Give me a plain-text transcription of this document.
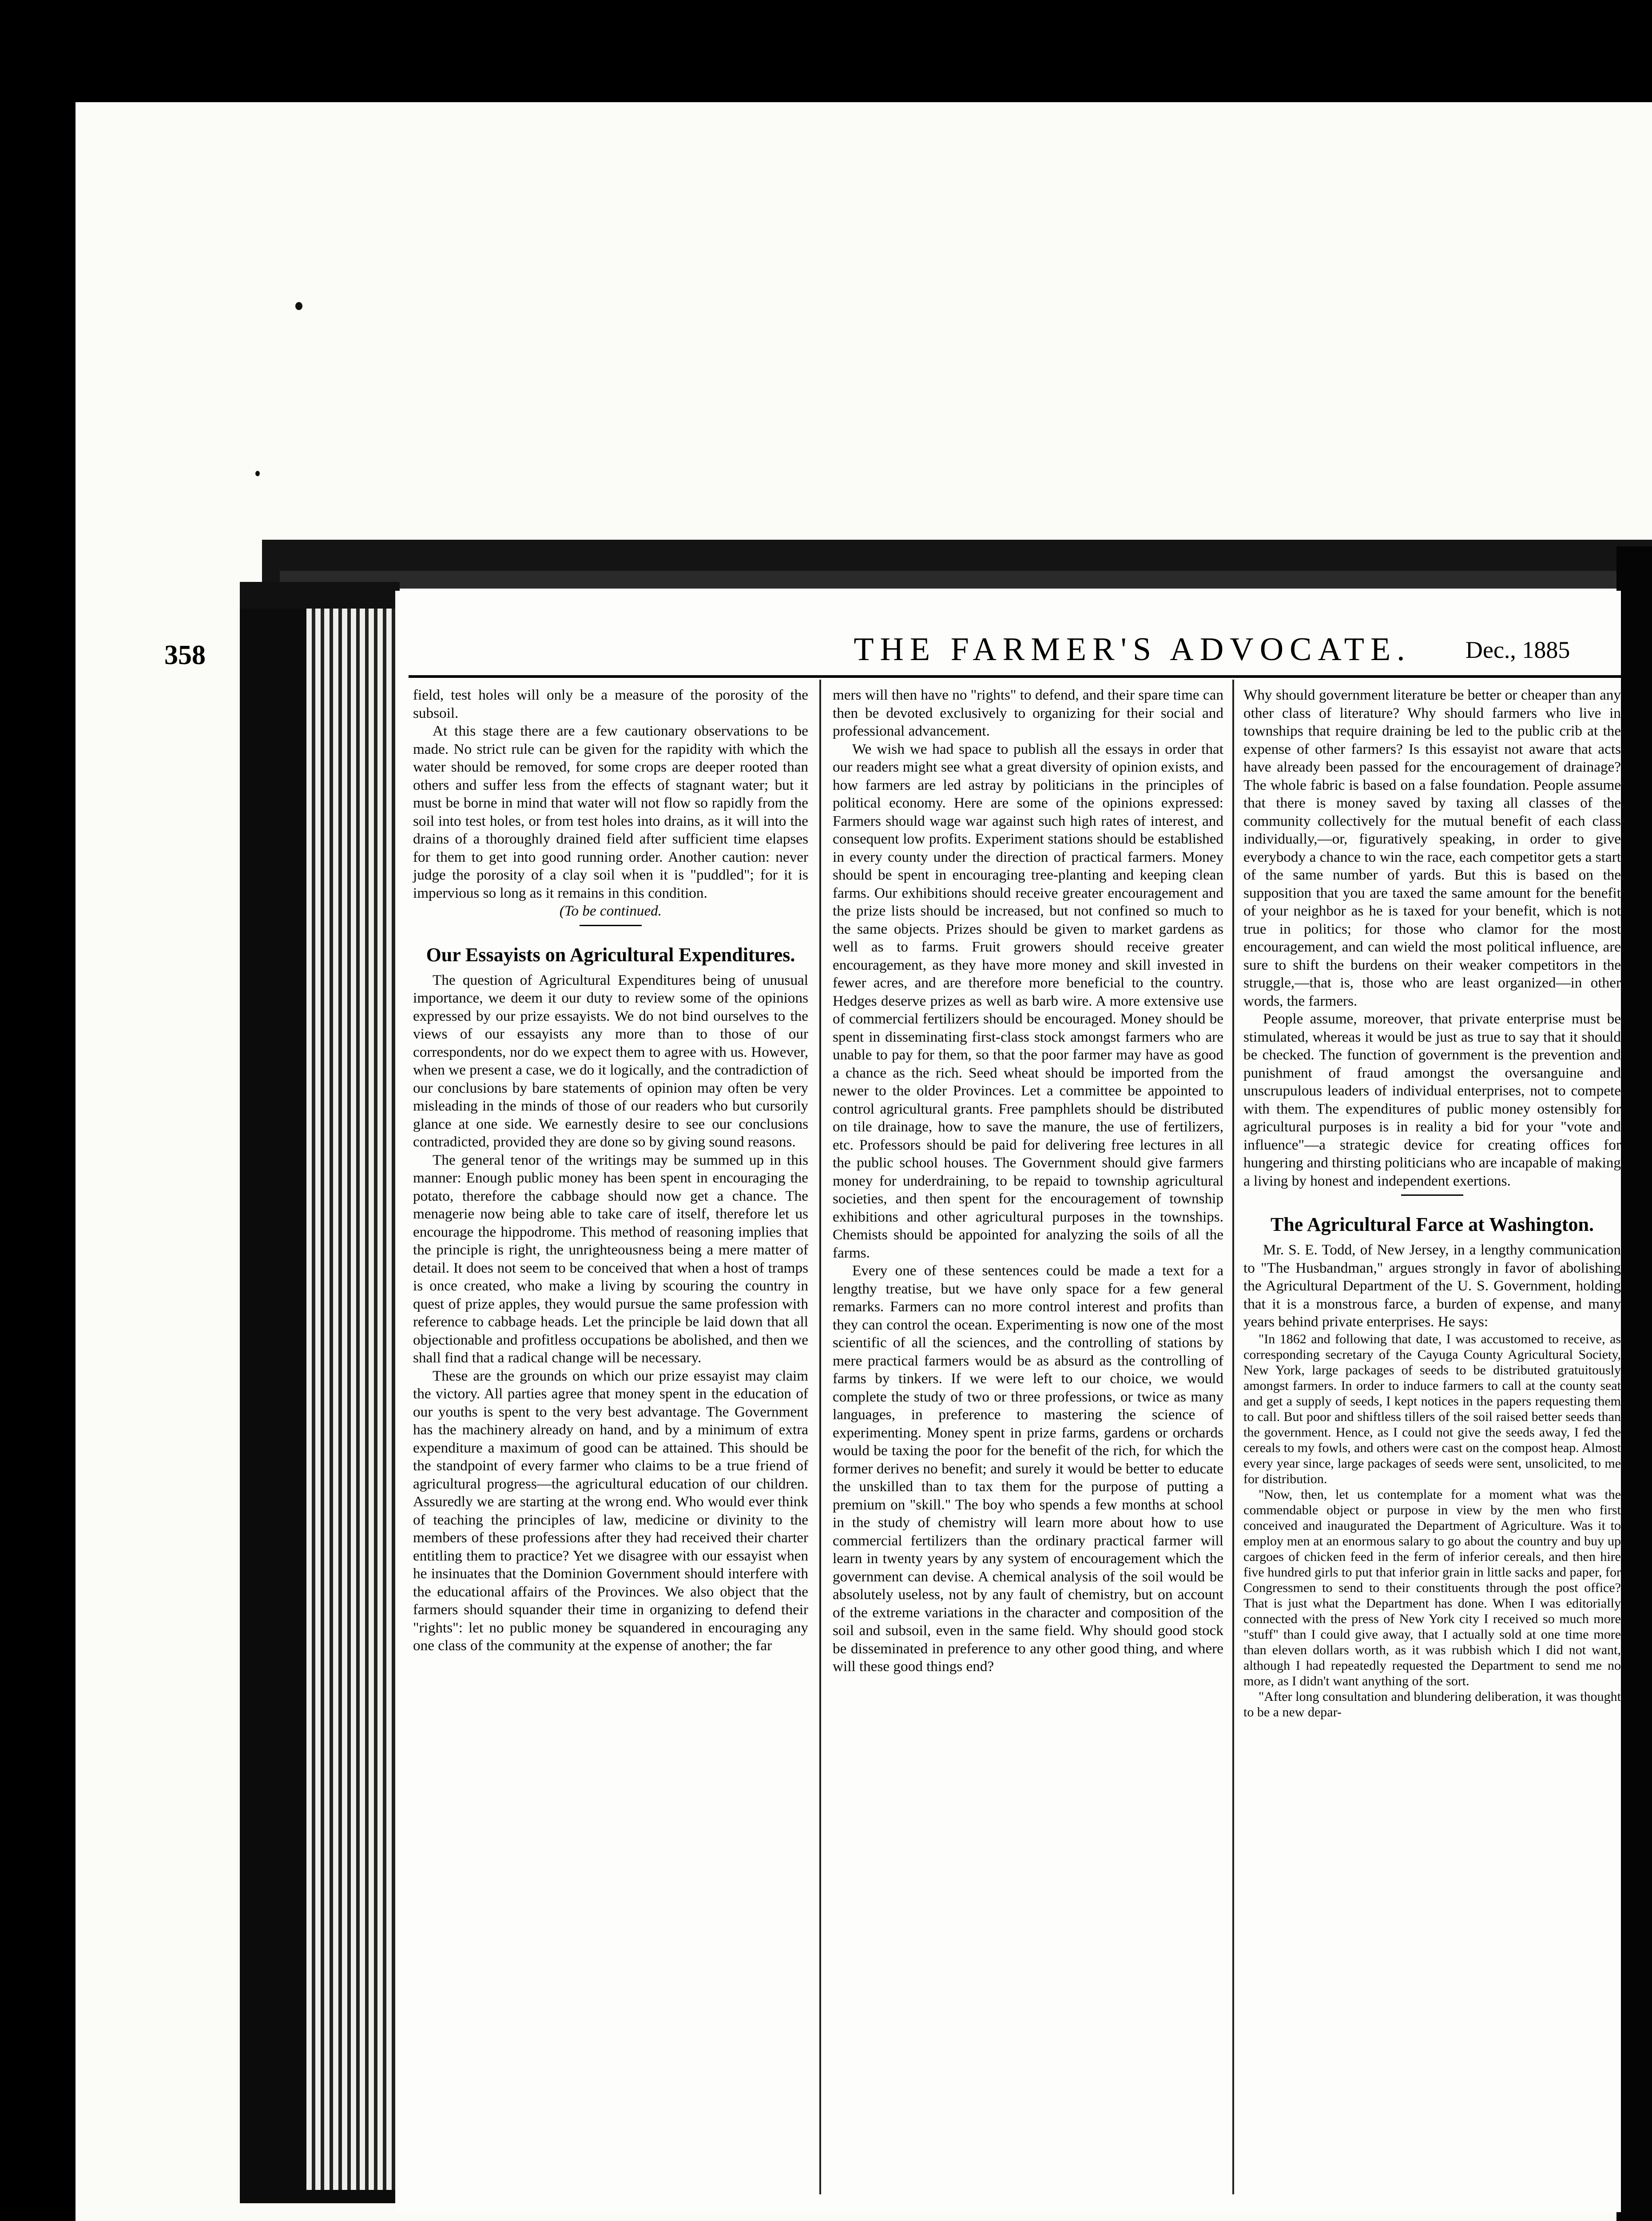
358	THE FARMER'S ADVOCATE.	Dec., 1885

field, test holes will only be a measure of the porosity of the subsoil.

At this stage there are a few cautionary observations to be made. No strict rule can be given for the rapidity with which the water should be removed, for some crops are deeper rooted than others and suffer less from the effects of stagnant water; but it must be borne in mind that water will not flow so rapidly from the soil into test holes, or from test holes into drains, as it will into the drains of a thoroughly drained field after sufficient time elapses for them to get into good running order. Another caution: never judge the porosity of a clay soil when it is "puddled"; for it is impervious so long as it remains in this condition.

(To be continued.

Our Essayists on Agricultural Expenditures.

The question of Agricultural Expenditures being of unusual importance, we deem it our duty to review some of the opinions expressed by our prize essayists. We do not bind ourselves to the views of our essayists any more than to those of our correspondents, nor do we expect them to agree with us. However, when we present a case, we do it logically, and the contradiction of our conclusions by bare statements of opinion may often be very misleading in the minds of those of our readers who but cursorily glance at one side. We earnestly desire to see our conclusions contradicted, provided they are done so by giving sound reasons.

The general tenor of the writings may be summed up in this manner: Enough public money has been spent in encouraging the potato, therefore the cabbage should now get a chance. The menagerie now being able to take care of itself, therefore let us encourage the hippodrome. This method of reasoning implies that the principle is right, the unrighteousness being a mere matter of detail. It does not seem to be conceived that when a host of tramps is once created, who make a living by scouring the country in quest of prize apples, they would pursue the same profession with reference to cabbage heads. Let the principle be laid down that all objectionable and profitless occupations be abolished, and then we shall find that a radical change will be necessary.

These are the grounds on which our prize essayist may claim the victory. All parties agree that money spent in the education of our youths is spent to the very best advantage. The Government has the machinery already on hand, and by a minimum of extra expenditure a maximum of good can be attained. This should be the standpoint of every farmer who claims to be a true friend of agricultural progress—the agricultural education of our children. Assuredly we are starting at the wrong end. Who would ever think of teaching the principles of law, medicine or divinity to the members of these professions after they had received their charter entitling them to practice? Yet we disagree with our essayist when he insinuates that the Dominion Government should interfere with the educational affairs of the Provinces. We also object that the farmers should squander their time in organizing to defend their "rights": let no public money be squandered in encouraging any one class of the community at the expense of another; the far

mers will then have no "rights" to defend, and their spare time can then be devoted exclusively to organizing for their social and professional advancement.

We wish we had space to publish all the essays in order that our readers might see what a great diversity of opinion exists, and how farmers are led astray by politicians in the principles of political economy. Here are some of the opinions expressed: Farmers should wage war against such high rates of interest, and consequent low profits. Experiment stations should be established in every county under the direction of practical farmers. Money should be spent in encouraging tree-planting and keeping clean farms. Our exhibitions should receive greater encouragement and the prize lists should be increased, but not confined so much to the same objects. Prizes should be given to market gardens as well as to farms. Fruit growers should receive greater encouragement, as they have more money and skill invested in fewer acres, and are therefore more beneficial to the country. Hedges deserve prizes as well as barb wire. A more extensive use of commercial fertilizers should be encouraged. Money should be spent in disseminating first-class stock amongst farmers who are unable to pay for them, so that the poor farmer may have as good a chance as the rich. Seed wheat should be imported from the newer to the older Provinces. Let a committee be appointed to control agricultural grants. Free pamphlets should be distributed on tile drainage, how to save the manure, the use of fertilizers, etc. Professors should be paid for delivering free lectures in all the public school houses. The Government should give farmers money for underdraining, to be repaid to township agricultural societies, and then spent for the encouragement of township exhibitions and other agricultural purposes in the townships. Chemists should be appointed for analyzing the soils of all the farms.

Every one of these sentences could be made a text for a lengthy treatise, but we have only space for a few general remarks. Farmers can no more control interest and profits than they can control the ocean. Experimenting is now one of the most scientific of all the sciences, and the controlling of stations by mere practical farmers would be as absurd as the controlling of farms by tinkers. If we were left to our choice, we would complete the study of two or three professions, or twice as many languages, in preference to mastering the science of experimenting. Money spent in prize farms, gardens or orchards would be taxing the poor for the benefit of the rich, for which the former derives no benefit; and surely it would be better to educate the unskilled than to tax them for the purpose of putting a premium on "skill." The boy who spends a few months at school in the study of chemistry will learn more about how to use commercial fertilizers than the ordinary practical farmer will learn in twenty years by any system of encouragement which the government can devise. A chemical analysis of the soil would be absolutely useless, not by any fault of chemistry, but on account of the extreme variations in the character and composition of the soil and subsoil, even in the same field. Why should good stock be disseminated in preference to any other good thing, and where will these good things end?

Why should government literature be better or cheaper than any other class of literature? Why should farmers who live in townships that require draining be led to the public crib at the expense of other farmers? Is this essayist not aware that acts have already been passed for the encouragement of drainage? The whole fabric is based on a false foundation. People assume that there is money saved by taxing all classes of the community collectively for the mutual benefit of each class individually,—or, figuratively speaking, in order to give everybody a chance to win the race, each competitor gets a start of the same number of yards. But this is based on the supposition that you are taxed the same amount for the benefit of your neighbor as he is taxed for your benefit, which is not true in politics; for those who clamor for the most encouragement, and can wield the most political influence, are sure to shift the burdens on their weaker competitors in the struggle,—that is, those who are least organized—in other words, the farmers.

People assume, moreover, that private enterprise must be stimulated, whereas it would be just as true to say that it should be checked. The function of government is the prevention and punishment of fraud amongst the oversanguine and unscrupulous leaders of individual enterprises, not to compete with them. The expenditures of public money ostensibly for agricultural purposes is in reality a bid for your "vote and influence"—a strategic device for creating offices for hungering and thirsting politicians who are incapable of making a living by honest and independent exertions.

The Agricultural Farce at Washington.

Mr. S. E. Todd, of New Jersey, in a lengthy communication to "The Husbandman," argues strongly in favor of abolishing the Agricultural Department of the U. S. Government, holding that it is a monstrous farce, a burden of expense, and many years behind private enterprises. He says:

"In 1862 and following that date, I was accustomed to receive, as corresponding secretary of the Cayuga County Agricultural Society, New York, large packages of seeds to be distributed gratuitously amongst farmers. In order to induce farmers to call at the county seat and get a supply of seeds, I kept notices in the papers requesting them to call. But poor and shiftless tillers of the soil raised better seeds than the government. Hence, as I could not give the seeds away, I fed the cereals to my fowls, and others were cast on the compost heap. Almost every year since, large packages of seeds were sent, unsolicited, to me for distribution.

"Now, then, let us contemplate for a moment what was the commendable object or purpose in view by the men who first conceived and inaugurated the Department of Agriculture. Was it to employ men at an enormous salary to go about the country and buy up cargoes of chicken feed in the ferm of inferior cereals, and then hire five hundred girls to put that inferior grain in little sacks and paper, for Congressmen to send to their constituents through the post office? That is just what the Department has done. When I was editorially connected with the press of New York city I received so much more "stuff" than I could give away, that I actually sold at one time more than eleven dollars worth, as it was rubbish which I did not want, although I had repeatedly requested the Department to send me no more, as I didn't want anything of the sort.

"After long consultation and blundering deliberation, it was thought to be a new depar-
